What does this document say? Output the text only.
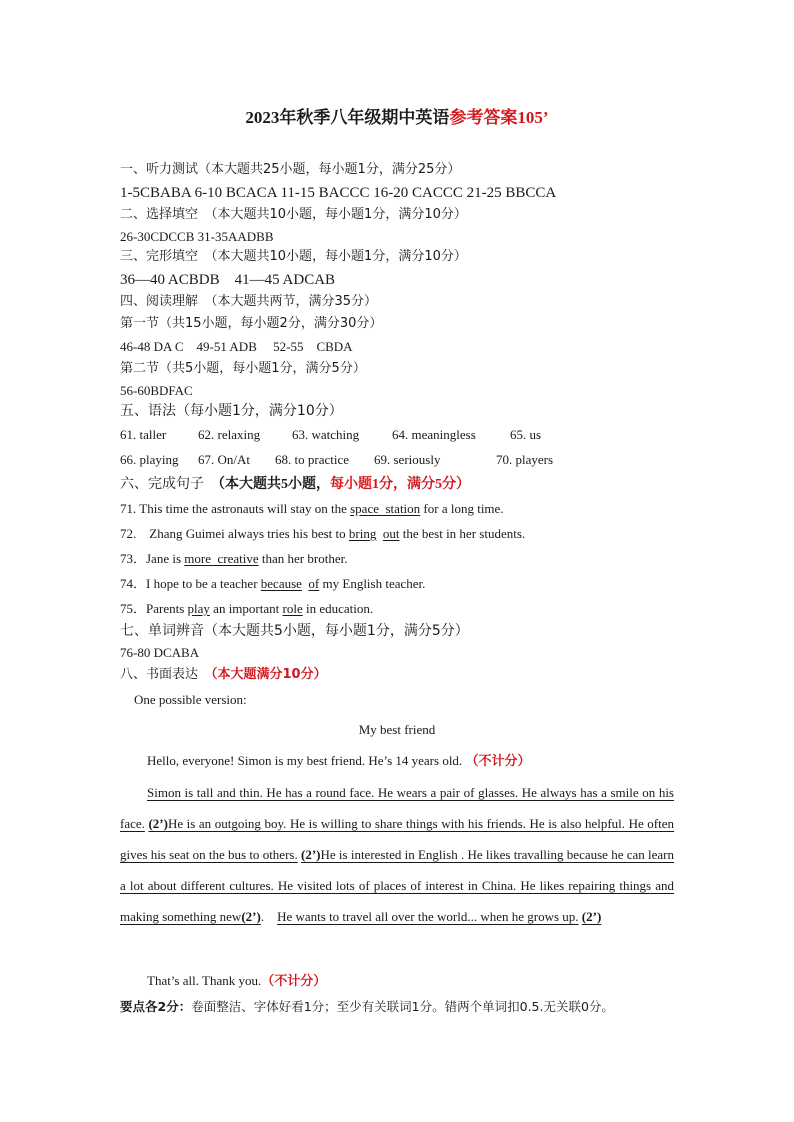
2023年秋季八年级期中英语参考答案105’
一、听力测试（本大题共25小题，每小题1分，满分25分）
1-5CBABA 6-10 BCACA 11-15 BACCC 16-20 CACCC 21-25 BBCCA
二、选择填空　（本大题共10小题，每小题1分，满分10分）
26-30CDCCB 31-35AADBB
三、完形填空　（本大题共10小题，每小题1分，满分10分）
36—40 ACBDB　41—45 ADCAB
四、阅读理解　（本大题共两节，满分35分）
第一节（共15小题，每小题2分，满分30分）
46-48 DA C　49-51 ADB　 52-55　CBDA
第二节（共5小题，每小题1分，满分5分）
56-60BDFAC
五、语法（每小题1分，满分10分）
61. taller 62. relaxing 63. watching	64. meaningless	65. us
66. playing 67. On/At 68. to practice 69. seriously	70. players
六、完成句子　（本大题共5小题，每小题1分，满分5分）
71. This time the astronauts will stay on the space station for a long time.
72.　Zhang Guimei always tries his best to bring out the best in her students.
73．Jane is more creative than her brother.
74．I hope to be a teacher because of my English teacher.
75．Parents play an important role in education.
七、单词辨音（本大题共5小题，每小题1分，满分5分）
76-80 DCABA
八、书面表达　（本大题满分10分）
One possible version:
My best friend
Hello, everyone! Simon is my best friend. He’s 14 years old. （不计分）
Simon is tall and thin. He has a round face. He wears a pair of glasses. He always has a smile on his face. (2’)He is an outgoing boy. He is willing to share things with his friends. He is also helpful. He often gives his seat on the bus to others. (2’)He is interested in English . He likes travalling because he can learn a lot about different cultures. He visited lots of places of interest in China. He likes repairing things and making something new(2’). He wants to travel all over the world... when he grows up. (2’)
That’s all. Thank you.（不计分）
要点各2分：卷面整洁、字体好看1分；至少有关联词1分。错两个单词扣0.5.无关联0分。
